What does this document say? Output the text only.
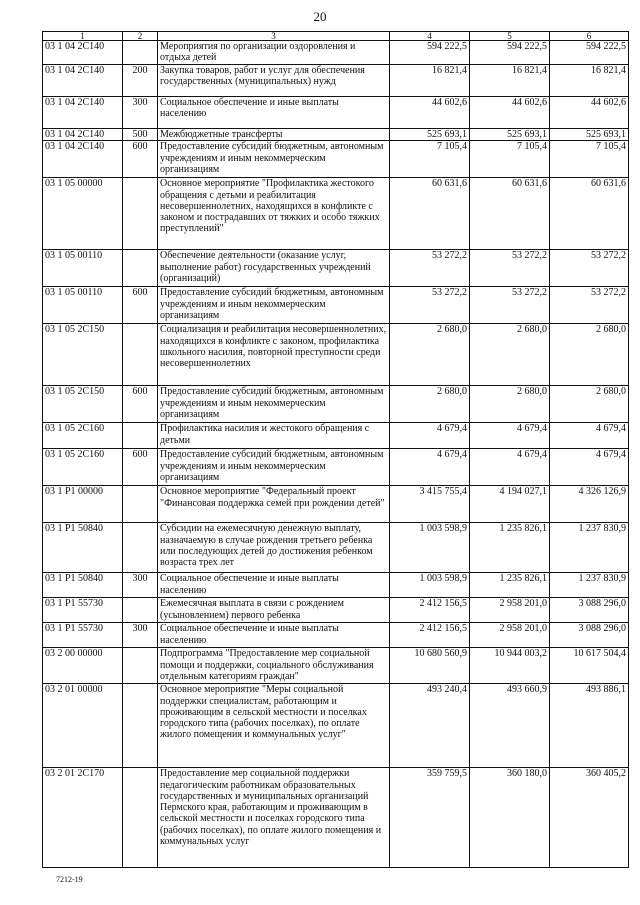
20
1	2	3	4	5	6
03 1 04 2C140		Мероприятия по организации оздоровления и отдыха детей	594 222,5	594 222,5	594 222,5
03 1 04 2C140	200	Закупка товаров, работ и услуг для обеспечения государственных (муниципальных) нужд	16 821,4	16 821,4	16 821,4
03 1 04 2C140	300	Социальное обеспечение и иные выплаты населению	44 602,6	44 602,6	44 602,6
03 1 04 2C140	500	Межбюджетные трансферты	525 693,1	525 693,1	525 693,1
03 1 04 2C140	600	Предоставление субсидий бюджетным, автономным учреждениям и иным некоммерческим организациям	7 105,4	7 105,4	7 105,4
03 1 05 00000		Основное мероприятие "Профилактика жестокого обращения с детьми и реабилитация несовершеннолетних, находящихся в конфликте с законом и пострадавших от тяжких и особо тяжких преступлений"	60 631,6	60 631,6	60 631,6
03 1 05 00110		Обеспечение деятельности (оказание услуг, выполнение работ) государственных учреждений (организаций)	53 272,2	53 272,2	53 272,2
03 1 05 00110	600	Предоставление субсидий бюджетным, автономным учреждениям и иным некоммерческим организациям	53 272,2	53 272,2	53 272,2
03 1 05 2C150		Социализация и реабилитация несовершеннолетних, находящихся в конфликте с законом, профилактика школьного насилия, повторной преступности среди несовершеннолетних	2 680,0	2 680,0	2 680,0
03 1 05 2C150	600	Предоставление субсидий бюджетным, автономным учреждениям и иным некоммерческим организациям	2 680,0	2 680,0	2 680,0
03 1 05 2C160		Профилактика насилия и жестокого обращения с детьми	4 679,4	4 679,4	4 679,4
03 1 05 2C160	600	Предоставление субсидий бюджетным, автономным учреждениям и иным некоммерческим организациям	4 679,4	4 679,4	4 679,4
03 1 P1 00000		Основное мероприятие "Федеральный проект "Финансовая поддержка семей при рождении детей"	3 415 755,4	4 194 027,1	4 326 126,9
03 1 P1 50840		Субсидии на ежемесячную денежную выплату, назначаемую в случае рождения третьего ребенка или последующих детей до достижения ребенком возраста трех лет	1 003 598,9	1 235 826,1	1 237 830,9
03 1 P1 50840	300	Социальное обеспечение и иные выплаты населению	1 003 598,9	1 235 826,1	1 237 830,9
03 1 P1 55730		Ежемесячная выплата в связи с рождением (усыновлением) первого ребенка	2 412 156,5	2 958 201,0	3 088 296,0
03 1 P1 55730	300	Социальное обеспечение и иные выплаты населению	2 412 156,5	2 958 201,0	3 088 296,0
03 2 00 00000		Подпрограмма "Предоставление мер социальной помощи и поддержки, социального обслуживания отдельным категориям граждан"	10 680 560,9	10 944 003,2	10 617 504,4
03 2 01 00000		Основное мероприятие "Меры социальной поддержки специалистам, работающим и проживающим в сельской местности и поселках городского типа (рабочих поселках), по оплате жилого помещения и коммунальных услуг"	493 240,4	493 660,9	493 886,1
03 2 01 2C170		Предоставление мер социальной поддержки педагогическим работникам образовательных государственных и муниципальных организаций Пермского края, работающим и проживающим в сельской местности и поселках городского типа (рабочих поселках), по оплате жилого помещения и коммунальных услуг	359 759,5	360 180,0	360 405,2
7212-19
